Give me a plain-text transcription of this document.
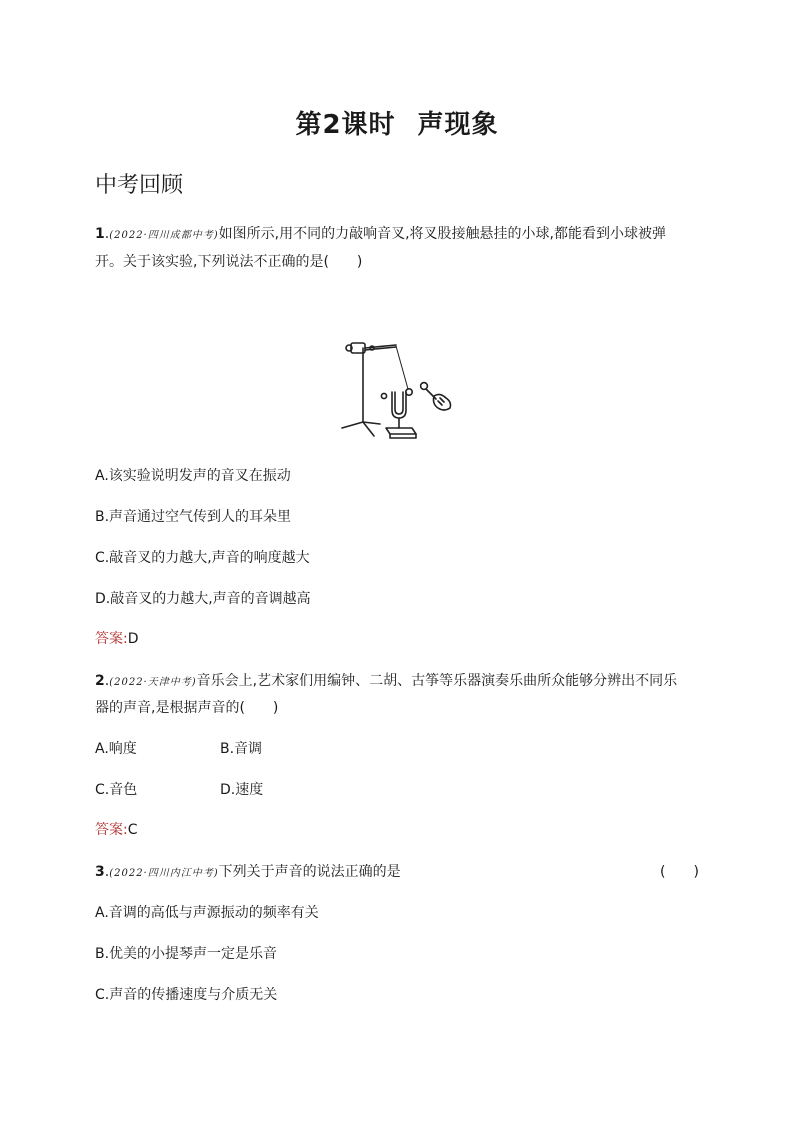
第2课时 声现象
中考回顾
1.(2022·四川成都中考)如图所示,用不同的力敲响音叉,将叉股接触悬挂的小球,都能看到小球被弹
开。关于该实验,下列说法不正确的是(　　)
A.该实验说明发声的音叉在振动
B.声音通过空气传到人的耳朵里
C.敲音叉的力越大,声音的响度越大
D.敲音叉的力越大,声音的音调越高
答案:D
2.(2022·天津中考)音乐会上,艺术家们用编钟、二胡、古筝等乐器演奏乐曲所众能够分辨出不同乐
器的声音,是根据声音的(　　)
A.响度	B.音调
C.音色	D.速度
答案:C
3.(2022·四川内江中考)下列关于声音的说法正确的是	(　　)
A.音调的高低与声源振动的频率有关
B.优美的小提琴声一定是乐音
C.声音的传播速度与介质无关
